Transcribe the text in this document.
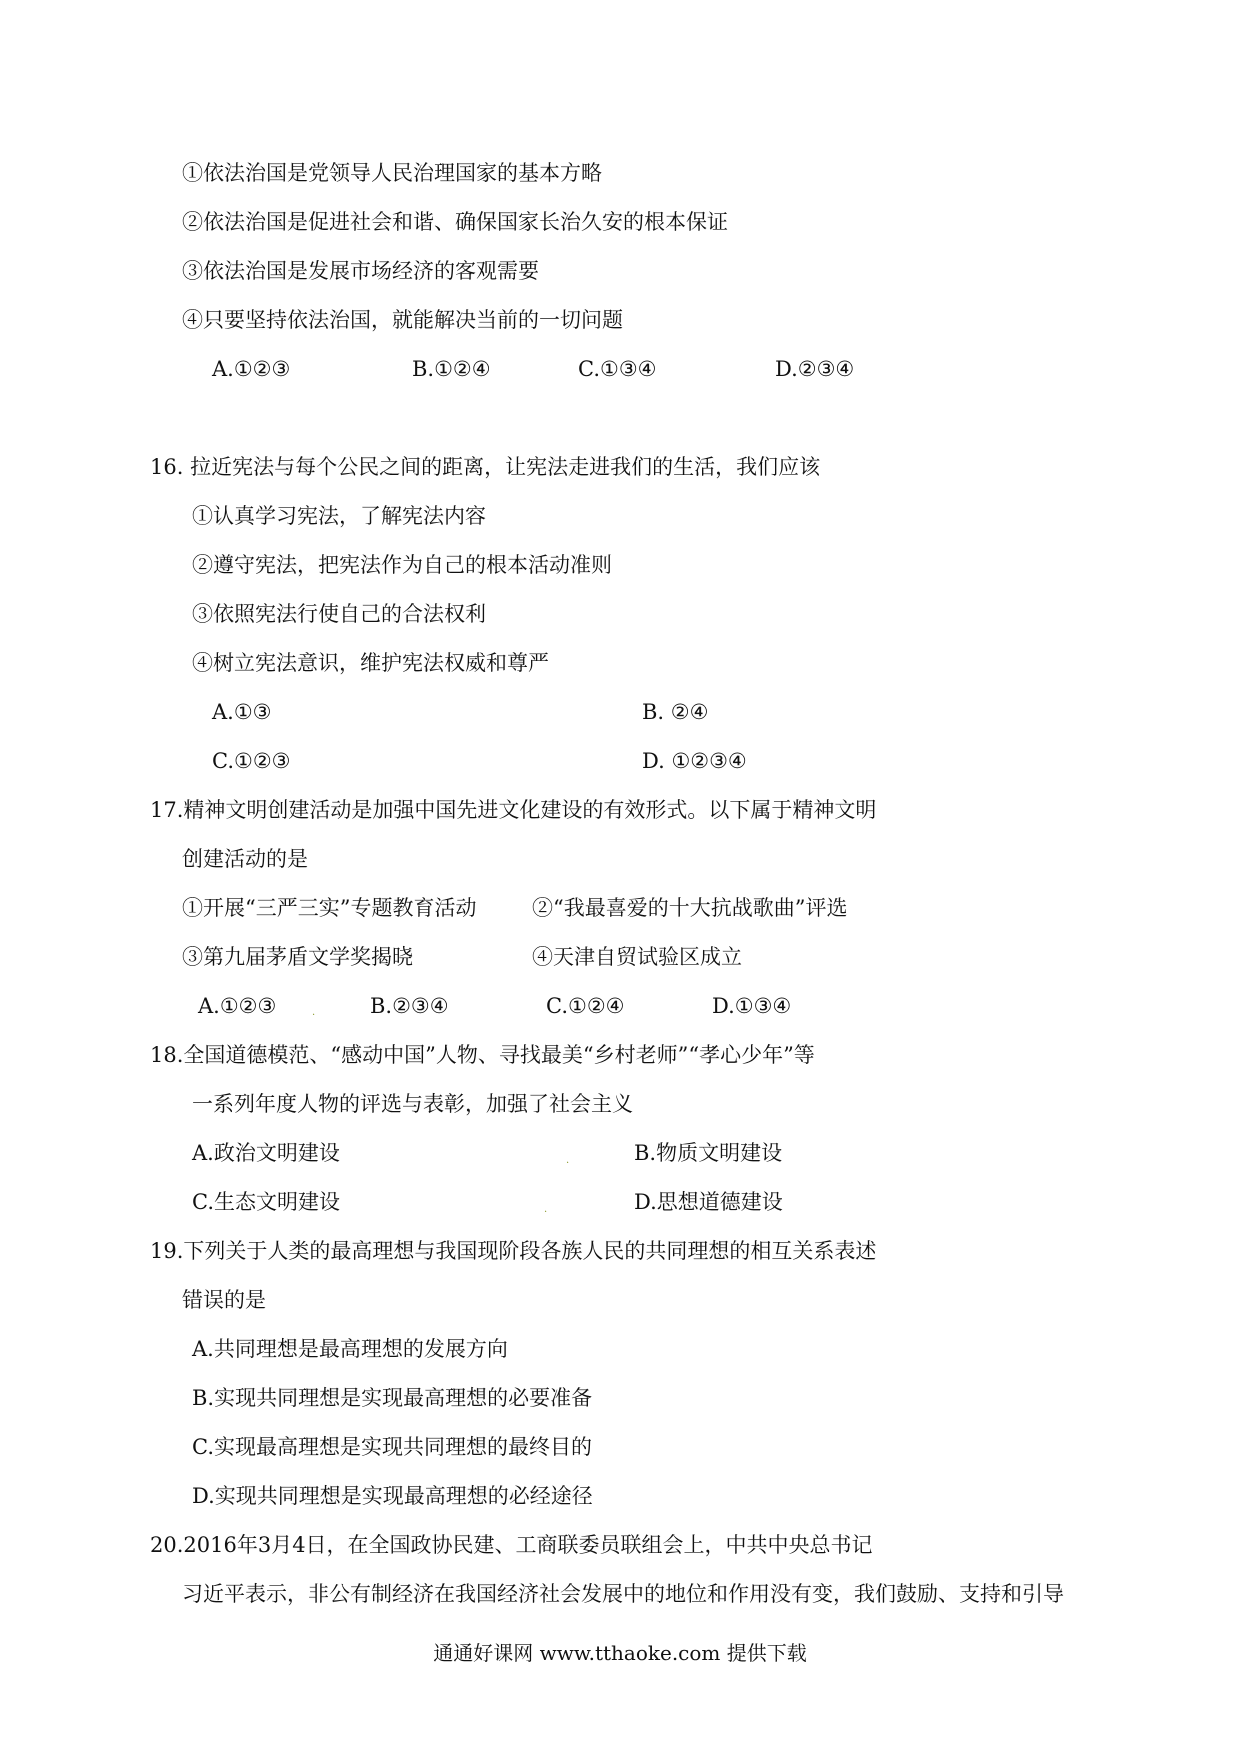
①依法治国是党领导人民治理国家的基本方略
②依法治国是促进社会和谐、确保国家长治久安的根本保证
③依法治国是发展市场经济的客观需要
④只要坚持依法治国，就能解决当前的一切问题
A.①②③	B.①②④	C.①③④	D.②③④
16. 拉近宪法与每个公民之间的距离，让宪法走进我们的生活，我们应该
①认真学习宪法，了解宪法内容
②遵守宪法，把宪法作为自己的根本活动准则
③依照宪法行使自己的合法权利
④树立宪法意识，维护宪法权威和尊严
A.①③	B. ②④
C.①②③	D. ①②③④
17.精神文明创建活动是加强中国先进文化建设的有效形式。以下属于精神文明
创建活动的是
①开展“三严三实”专题教育活动	②“我最喜爱的十大抗战歌曲”评选
③第九届茅盾文学奖揭晓	④天津自贸试验区成立
A.①②③	.	B.②③④	C.①②④	D.①③④
18.全国道德模范、“感动中国”人物、寻找最美“乡村老师”“孝心少年”等
一系列年度人物的评选与表彰，加强了社会主义
A.政治文明建设	.	B.物质文明建设
C.生态文明建设	.	D.思想道德建设
19.下列关于人类的最高理想与我国现阶段各族人民的共同理想的相互关系表述
错误的是
A.共同理想是最高理想的发展方向
B.实现共同理想是实现最高理想的必要准备
C.实现最高理想是实现共同理想的最终目的
D.实现共同理想是实现最高理想的必经途径
20.2016年3月4日，在全国政协民建、工商联委员联组会上，中共中央总书记
习近平表示，非公有制经济在我国经济社会发展中的地位和作用没有变，我们鼓励、支持和引导
通通好课网 www.tthaoke.com 提供下载
